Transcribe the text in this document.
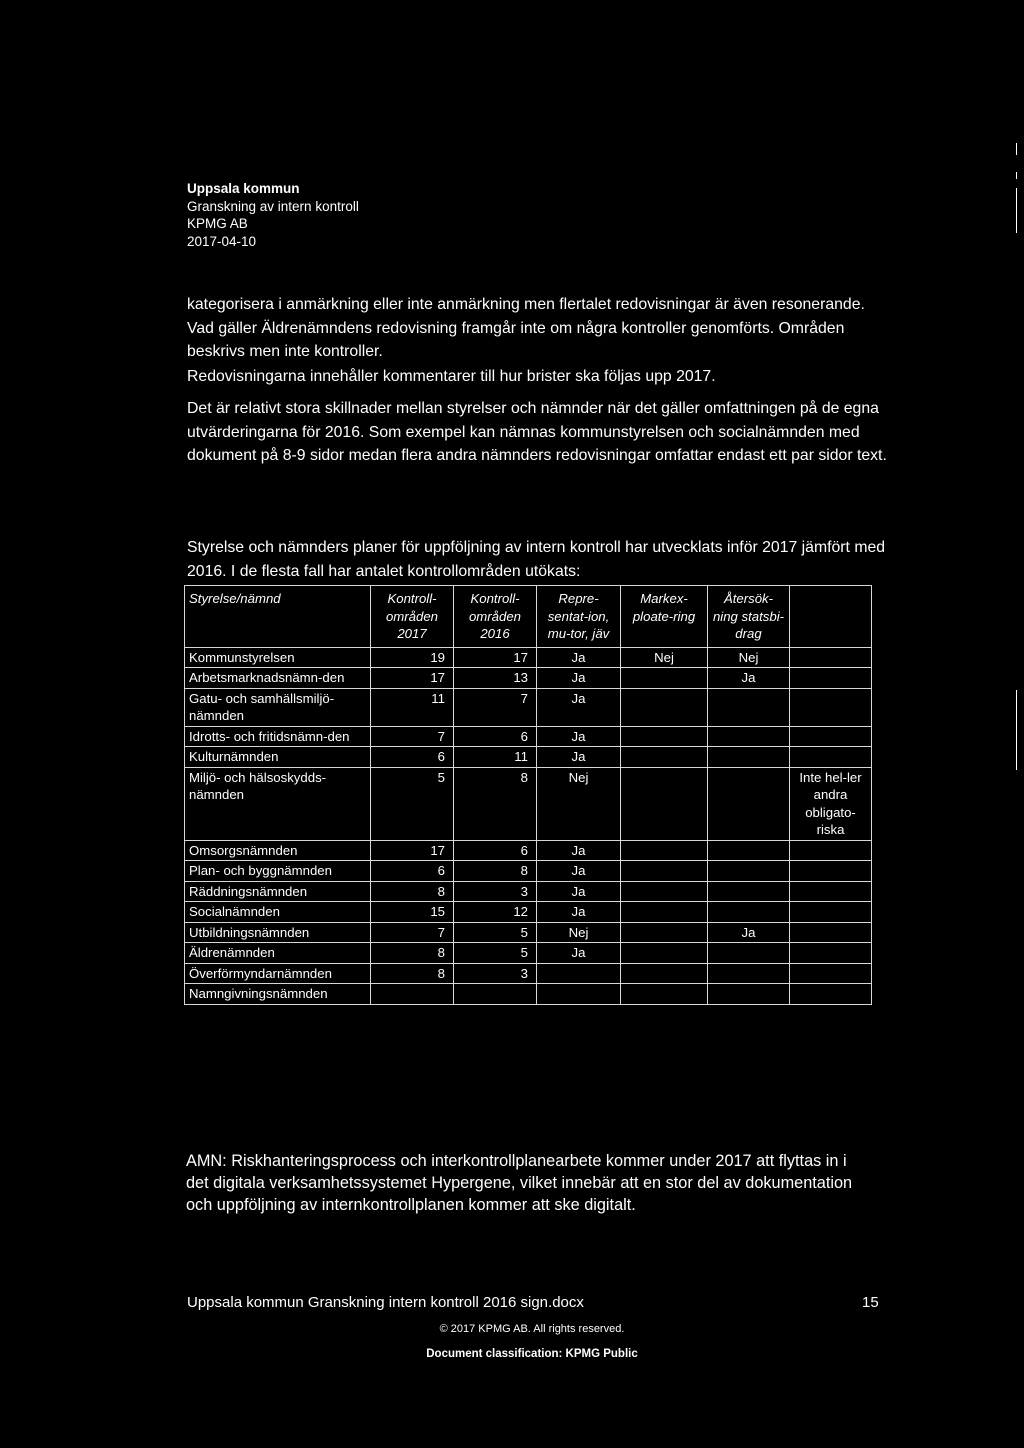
Uppsala kommun
Granskning av intern kontroll
KPMG AB
2017-04-10

kategorisera i anmärkning eller inte anmärkning men flertalet redovisningar är även resonerande. Vad gäller Äldrenämndens redovisning framgår inte om några kontroller genomförts. Områden beskrivs men inte kontroller.

Redovisningarna innehåller kommentarer till hur brister ska följas upp 2017.

Det är relativt stora skillnader mellan styrelser och nämnder när det gäller omfattningen på de egna utvärderingarna för 2016. Som exempel kan nämnas kommunstyrelsen och socialnämnden med dokument på 8-9 sidor medan flera andra nämnders redovisningar omfattar endast ett par sidor text.

Styrelse och nämnders planer för uppföljning av intern kontroll har utvecklats inför 2017 jämfört med 2016. I de flesta fall har antalet kontrollområden utökats:

Styrelse/nämnd	Kontroll-områden 2017	Kontroll-områden 2016	Repre-sentat-ion, mu-tor, jäv	Markex-ploate-ring	Återsök-ning statsbi-drag	
Kommunstyrelsen	19	17	Ja	Nej	Nej	
Arbetsmarknadsnämn-den	17	13	Ja		Ja	
Gatu- och samhällsmiljö-nämnden	11	7	Ja			
Idrotts- och fritidsnämn-den	7	6	Ja			
Kulturnämnden	6	11	Ja			
Miljö- och hälsoskydds-nämnden	5	8	Nej			Inte hel-ler andra obligato-riska
Omsorgsnämnden	17	6	Ja			
Plan- och byggnämnden	6	8	Ja			
Räddningsnämnden	8	3	Ja			
Socialnämnden	15	12	Ja			
Utbildningsnämnden	7	5	Nej		Ja	
Äldrenämnden	8	5	Ja			
Överförmyndarnämnden	8	3				
Namngivningsnämnden						

AMN: Riskhanteringsprocess och interkontrollplanearbete kommer under 2017 att flyttas in i det digitala verksamhetssystemet Hypergene, vilket innebär att en stor del av dokumentation och uppföljning av internkontrollplanen kommer att ske digitalt.

Uppsala kommun Granskning intern kontroll 2016 sign.docx	15
© 2017 KPMG AB. All rights reserved.
Document classification: KPMG Public
